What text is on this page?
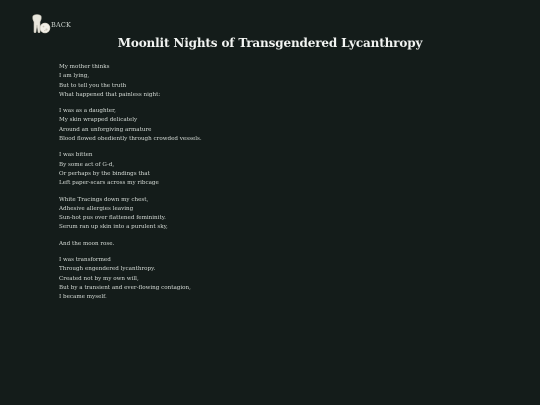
BACK
Moonlit Nights of Transgendered Lycanthropy
My mother thinks
I am lying,
But to tell you the truth
What happened that painless night:
I was as a daughter,
My skin wrapped delicately
Around an unforgiving armature
Blood flowed obediently through crowded vessels.
I was bitten
By some act of G-d,
Or perhaps by the bindings that
Left paper-scars across my ribcage
White Tracings down my chest,
Adhesive allergies leaving
Sun-hot pus over flattened femininity.
Serum ran up skin into a purulent sky,
And the moon rose.
I was transformed
Through engendered lycanthropy.
Created not by my own will,
But by a transient and ever-flowing contagion,
I became myself.
